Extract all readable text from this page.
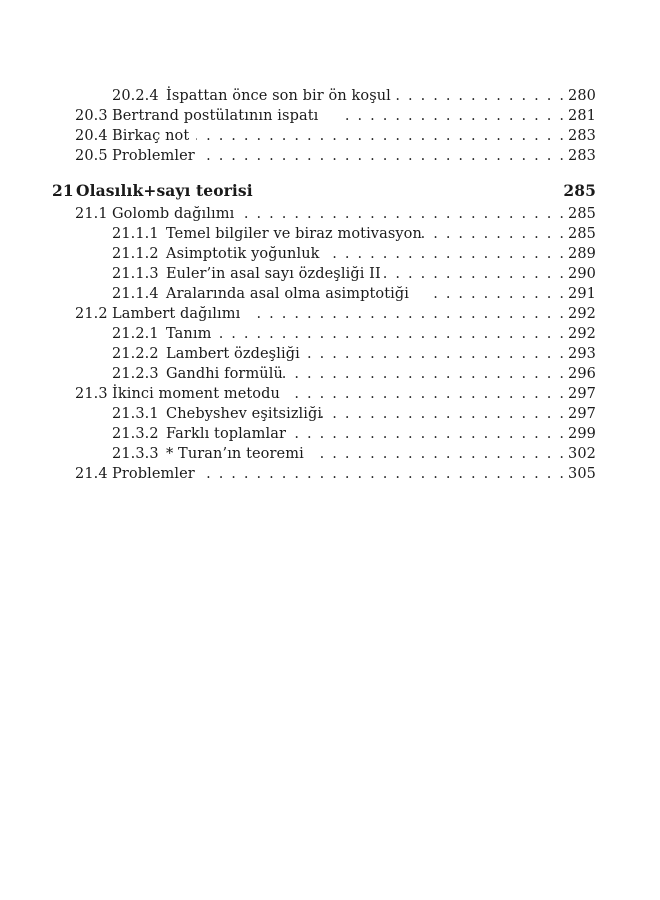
20.2.4 İspattan önce son bir ön koşul . . .	280
20.3 Bertrand postülatının ispatı . . .	281
20.4 Birkaç not . . .	283
20.5 Problemler . . .	283
21 Olasılık+sayı teorisi	285
21.1 Golomb dağılımı . . .	285
21.1.1 Temel bilgiler ve biraz motivasyon . . .	285
21.1.2 Asimptotik yoğunluk . . .	289
21.1.3 Euler’in asal sayı özdeşliği II . . .	290
21.1.4 Aralarında asal olma asimptotiği . . .	291
21.2 Lambert dağılımı . . .	292
21.2.1 Tanım . . .	292
21.2.2 Lambert özdeşliği . . .	293
21.2.3 Gandhi formülü . . .	296
21.3 İkinci moment metodu . . .	297
21.3.1 Chebyshev eşitsizliği . . .	297
21.3.2 Farklı toplamlar . . .	299
21.3.3 * Turan’ın teoremi . . .	302
21.4 Problemler . . .	305
